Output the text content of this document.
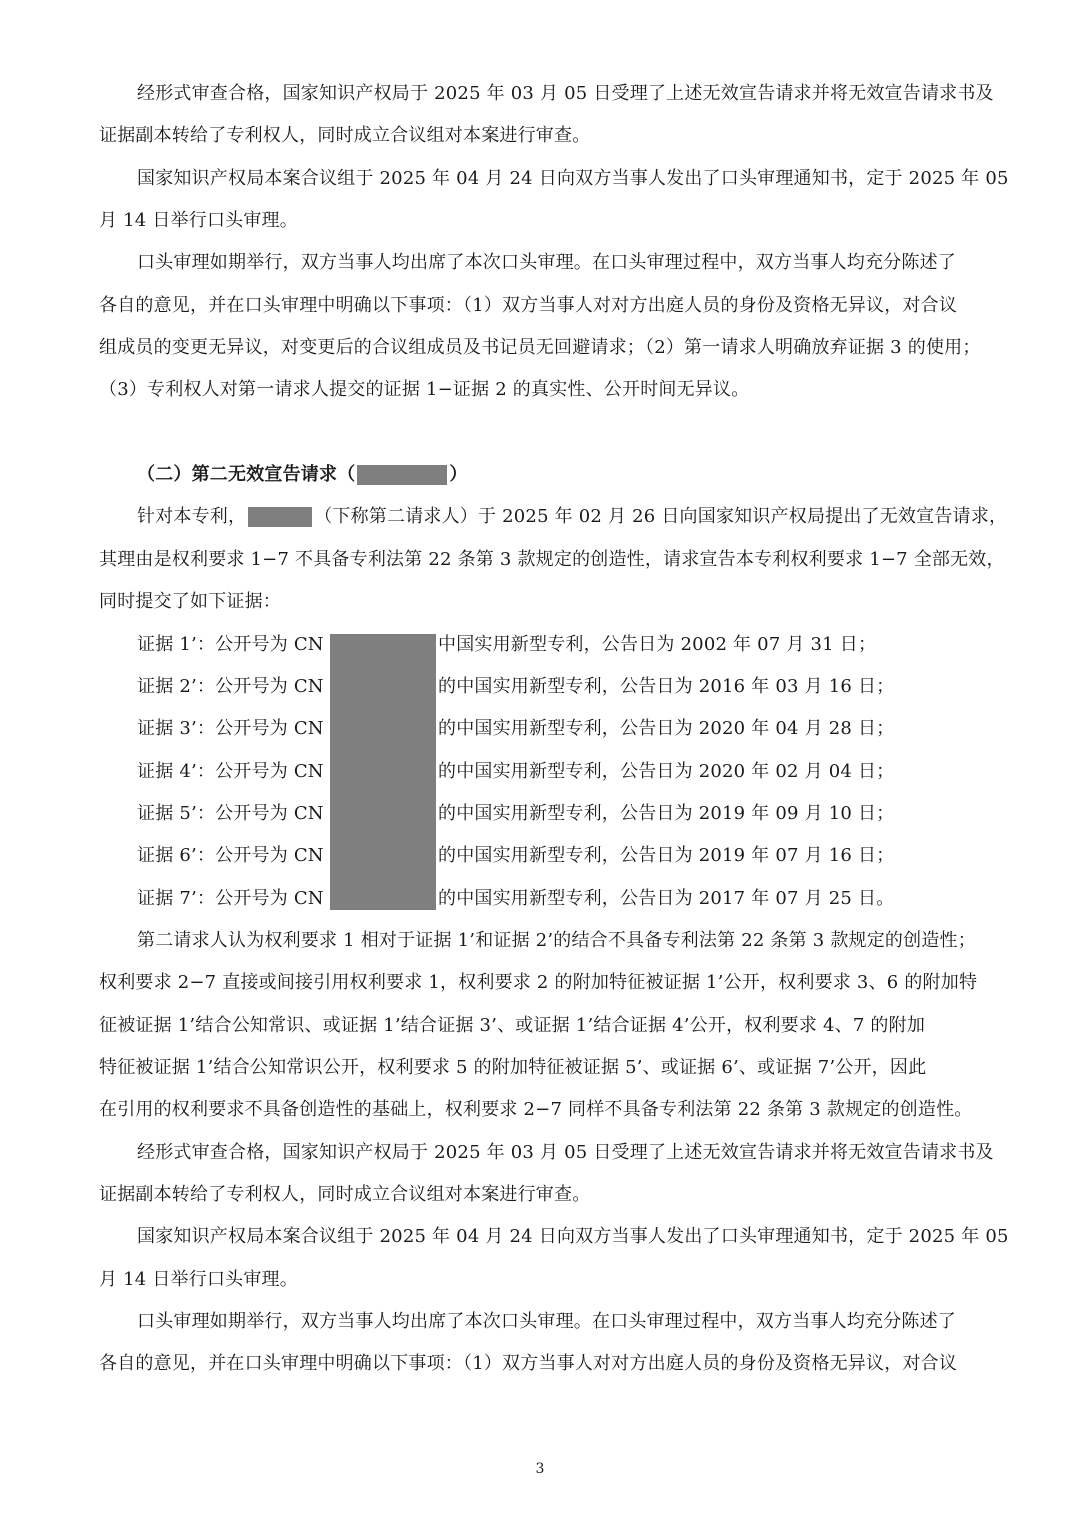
经形式审查合格，国家知识产权局于 2025 年 03 月 05 日受理了上述无效宣告请求并将无效宣告请求书及
证据副本转给了专利权人，同时成立合议组对本案进行审查。
国家知识产权局本案合议组于 2025 年 04 月 24 日向双方当事人发出了口头审理通知书，定于 2025 年 05
月 14 日举行口头审理。
口头审理如期举行，双方当事人均出席了本次口头审理。在口头审理过程中，双方当事人均充分陈述了
各自的意见，并在口头审理中明确以下事项：（1）双方当事人对对方出庭人员的身份及资格无异议，对合议
组成员的变更无异议，对变更后的合议组成员及书记员无回避请求；（2）第一请求人明确放弃证据 3 的使用；
（3）专利权人对第一请求人提交的证据 1−证据 2 的真实性、公开时间无异议。
（二）第二无效宣告请求（	）
针对本专利，	（下称第二请求人）于 2025 年 02 月 26 日向国家知识产权局提出了无效宣告请求，
其理由是权利要求 1−7 不具备专利法第 22 条第 3 款规定的创造性，请求宣告本专利权利要求 1−7 全部无效，
同时提交了如下证据：
证据 1’：公开号为 CN	中国实用新型专利，公告日为 2002 年 07 月 31 日；
证据 2’：公开号为 CN	的中国实用新型专利，公告日为 2016 年 03 月 16 日；
证据 3’：公开号为 CN	的中国实用新型专利，公告日为 2020 年 04 月 28 日；
证据 4’：公开号为 CN	的中国实用新型专利，公告日为 2020 年 02 月 04 日；
证据 5’：公开号为 CN	的中国实用新型专利，公告日为 2019 年 09 月 10 日；
证据 6’：公开号为 CN	的中国实用新型专利，公告日为 2019 年 07 月 16 日；
证据 7’：公开号为 CN	的中国实用新型专利，公告日为 2017 年 07 月 25 日。
第二请求人认为权利要求 1 相对于证据 1’和证据 2’的结合不具备专利法第 22 条第 3 款规定的创造性；
权利要求 2−7 直接或间接引用权利要求 1，权利要求 2 的附加特征被证据 1’公开，权利要求 3、6 的附加特
征被证据 1’结合公知常识、或证据 1’结合证据 3’、或证据 1’结合证据 4’公开，权利要求 4、7 的附加
特征被证据 1’结合公知常识公开，权利要求 5 的附加特征被证据 5’、或证据 6’、或证据 7’公开，因此
在引用的权利要求不具备创造性的基础上，权利要求 2−7 同样不具备专利法第 22 条第 3 款规定的创造性。
经形式审查合格，国家知识产权局于 2025 年 03 月 05 日受理了上述无效宣告请求并将无效宣告请求书及
证据副本转给了专利权人，同时成立合议组对本案进行审查。
国家知识产权局本案合议组于 2025 年 04 月 24 日向双方当事人发出了口头审理通知书，定于 2025 年 05
月 14 日举行口头审理。
口头审理如期举行，双方当事人均出席了本次口头审理。在口头审理过程中，双方当事人均充分陈述了
各自的意见，并在口头审理中明确以下事项：（1）双方当事人对对方出庭人员的身份及资格无异议，对合议
3
